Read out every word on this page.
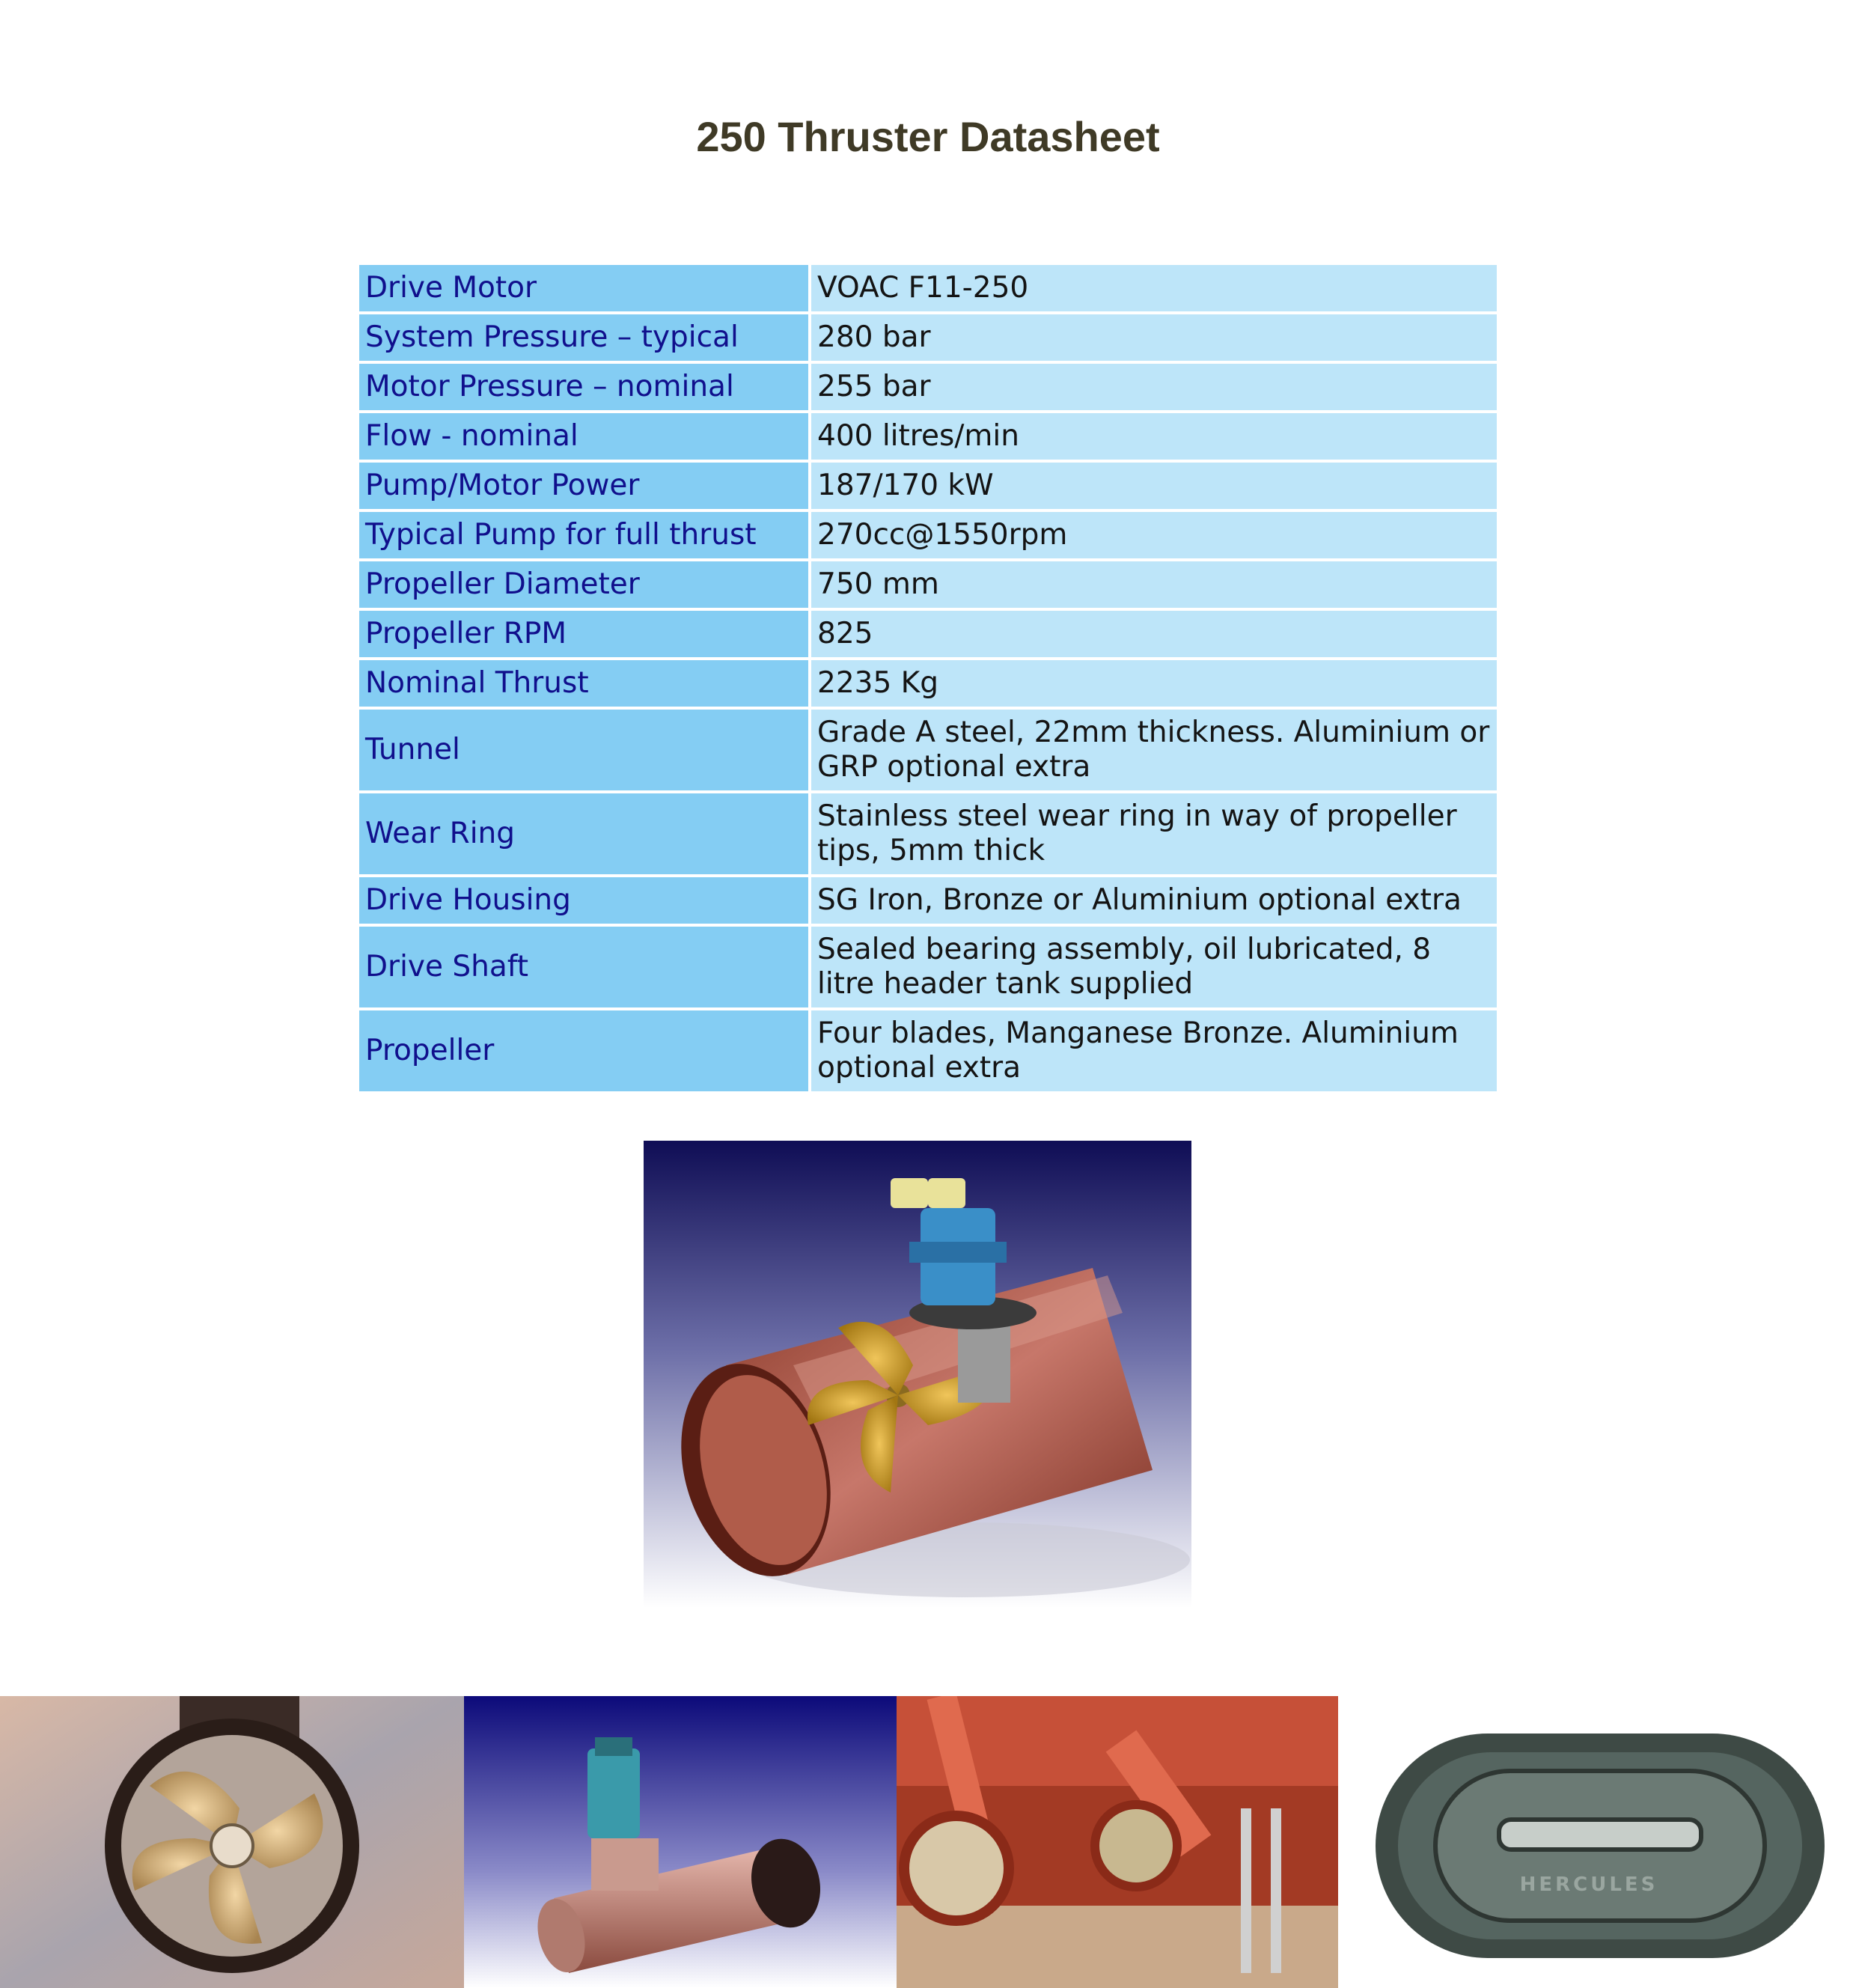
250 Thruster Datasheet
Drive Motor	VOAC F11-250
System Pressure – typical	280 bar
Motor Pressure – nominal	255 bar
Flow - nominal	400 litres/min
Pump/Motor Power	187/170 kW
Typical Pump for full thrust	270cc@1550rpm
Propeller Diameter	750 mm
Propeller RPM	825
Nominal Thrust	2235 Kg
Tunnel	Grade A steel, 22mm thickness. Aluminium or GRP optional extra
Wear Ring	Stainless steel wear ring in way of propeller tips, 5mm thick
Drive Housing	SG Iron, Bronze or Aluminium optional extra
Drive Shaft	Sealed bearing assembly, oil lubricated, 8 litre header tank supplied
Propeller	Four blades, Manganese Bronze. Aluminium optional extra
HERCULES
